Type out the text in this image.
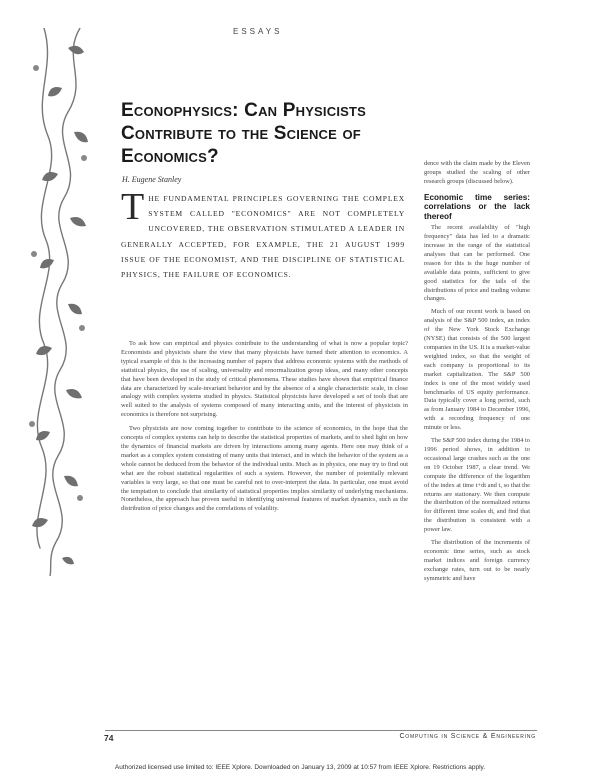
ESSAYS
Econophysics: Can Physicists Contribute to the Science of Economics?
H. Eugene Stanley
T HE FUNDAMENTAL PRINCIPLES GOVERNING THE COMPLEX SYSTEM CALLED "ECONOMICS" ARE NOT COMPLETELY UNCOVERED, THE OBSERVATION STIMULATED A LEADER IN GENERALLY ACCEPTED, FOR EXAMPLE, THE 21 AUGUST 1999 ISSUE OF THE ECONOMIST, AND THE DISCIPLINE OF STATISTICAL PHYSICS, THE FAILURE OF ECONOMICS.

To ask how can empirical and physics contribute to the understanding of what is now a popular topic? Economists and physicists share the view that many physicists have turned their attention to economics. A typical example of this is the increasing number of papers that address economic systems with the methods of statistical physics, the use of scaling, universality and renormalization group ideas, and many other concepts that have been developed in the study of critical phenomena. These studies have shown that empirical finance data are characterized by scale-invariant behavior and by the absence of a single characteristic scale, in close analogy with complex systems studied in physics. Statistical physicists have developed a set of tools that are well suited to the analysis of systems composed of many interacting units, and the interest of physicists in economics is therefore not surprising.

Two physicists are now coming together to contribute to the science of economics, in the hope that the concepts of complex systems can help to describe the statistical properties of markets, and to shed light on how the dynamics of financial markets are driven by interactions among many agents. Here one may think of a market as a complex system consisting of many units that interact, and in which the behavior of the system as a whole cannot be deduced from the behavior of the individual units. Much as in physics, one may try to find out what are the robust statistical regularities of such a system. However, the number of potentially relevant variables is very large, so that one must be careful not to over-interpret the data. In particular, one must avoid the temptation to conclude that similarity of statistical properties implies similarity of underlying mechanisms. Nonetheless, the approach has proven useful in identifying universal features of market dynamics, such as the distribution of price changes and the correlations of volatility.

dence with the claim made by the Eleven groups studied the scaling of other research groups (discussed below).

Economic time series: correlations or the lack thereof

The recent availability of "high frequency" data has led to a dramatic increase in the range of the statistical analyses that can be performed. One reason for this is the huge number of available data points, sufficient to give good statistics for the tails of the distributions of price and trading volume changes.

Much of our recent work is based on analysis of the S&P 500 index, an index of the New York Stock Exchange (NYSE) that consists of the 500 largest companies in the US. It is a market-value weighted index, so that the weight of each company is proportional to its market capitalization. The S&P 500 index is one of the most widely used benchmarks of US equity performance. Data typically cover a long period, such as from January 1984 to December 1996, with a recording frequency of one minute or less.

The S&P 500 index during the 1984 to 1996 period shows, in addition to occasional large crashes such as the one on 19 October 1987, a clear trend. We compute the difference of the logarithm of the index at time t+dt and t, so that the returns are stationary. We then compute the distribution of the normalized returns for different time scales dt, and find that the distribution is consistent with a power law.

The distribution of the increments of economic time series, such as stock market indices and foreign currency exchange rates, turn out to be nearly symmetric and have

74	Computing in Science & Engineering
Authorized licensed use limited to: IEEE Xplore. Downloaded on January 13, 2009 at 10:57 from IEEE Xplore. Restrictions apply.
